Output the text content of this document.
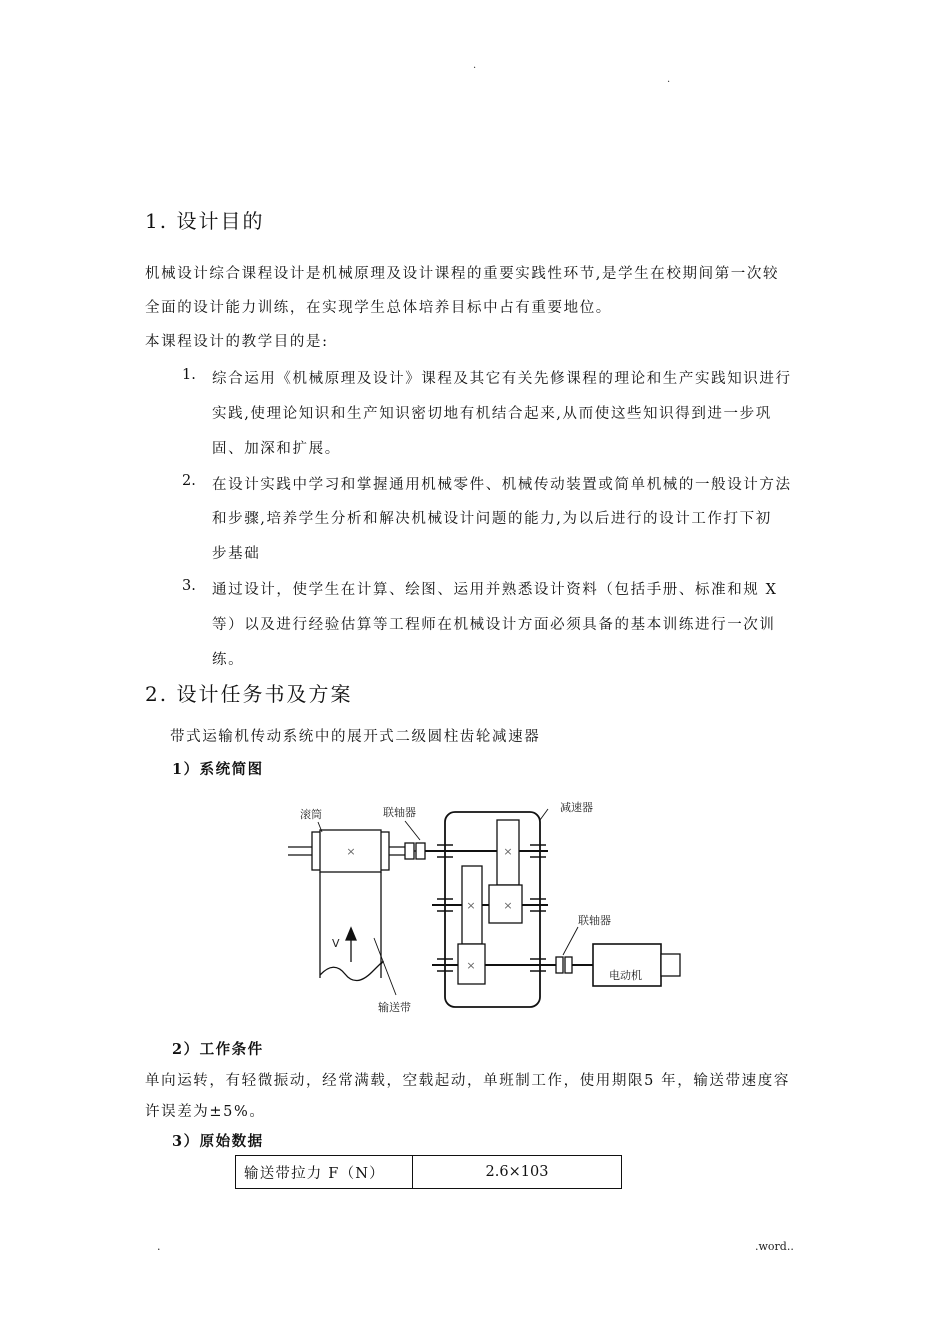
.
.
1. 设计目的
机械设计综合课程设计是机械原理及设计课程的重要实践性环节,是学生在校期间第一次较
全面的设计能力训练，在实现学生总体培养目标中占有重要地位。
本课程设计的教学目的是:
1. 综合运用《机械原理及设计》课程及其它有关先修课程的理论和生产实践知识进行
实践,使理论知识和生产知识密切地有机结合起来,从而使这些知识得到进一步巩
固、加深和扩展。
2. 在设计实践中学习和掌握通用机械零件、机械传动装置或简单机械的一般设计方法
和步骤,培养学生分析和解决机械设计问题的能力,为以后进行的设计工作打下初
步基础
3. 通过设计，使学生在计算、绘图、运用并熟悉设计资料（包括手册、标准和规 X
等）以及进行经验估算等工程师在机械设计方面必须具备的基本训练进行一次训
练。
2. 设计任务书及方案
带式运输机传动系统中的展开式二级圆柱齿轮减速器
1）系统简图
滚筒	联轴器	减速器
联轴器
V
输送带
电动机
×	×
×
×
×
2）工作条件
单向运转，有轻微振动，经常满载，空载起动，单班制工作，使用期限5 年，输送带速度容
许误差为±5%。
3）原始数据
输送带拉力 F（N）	2.6×103
.	.word..
